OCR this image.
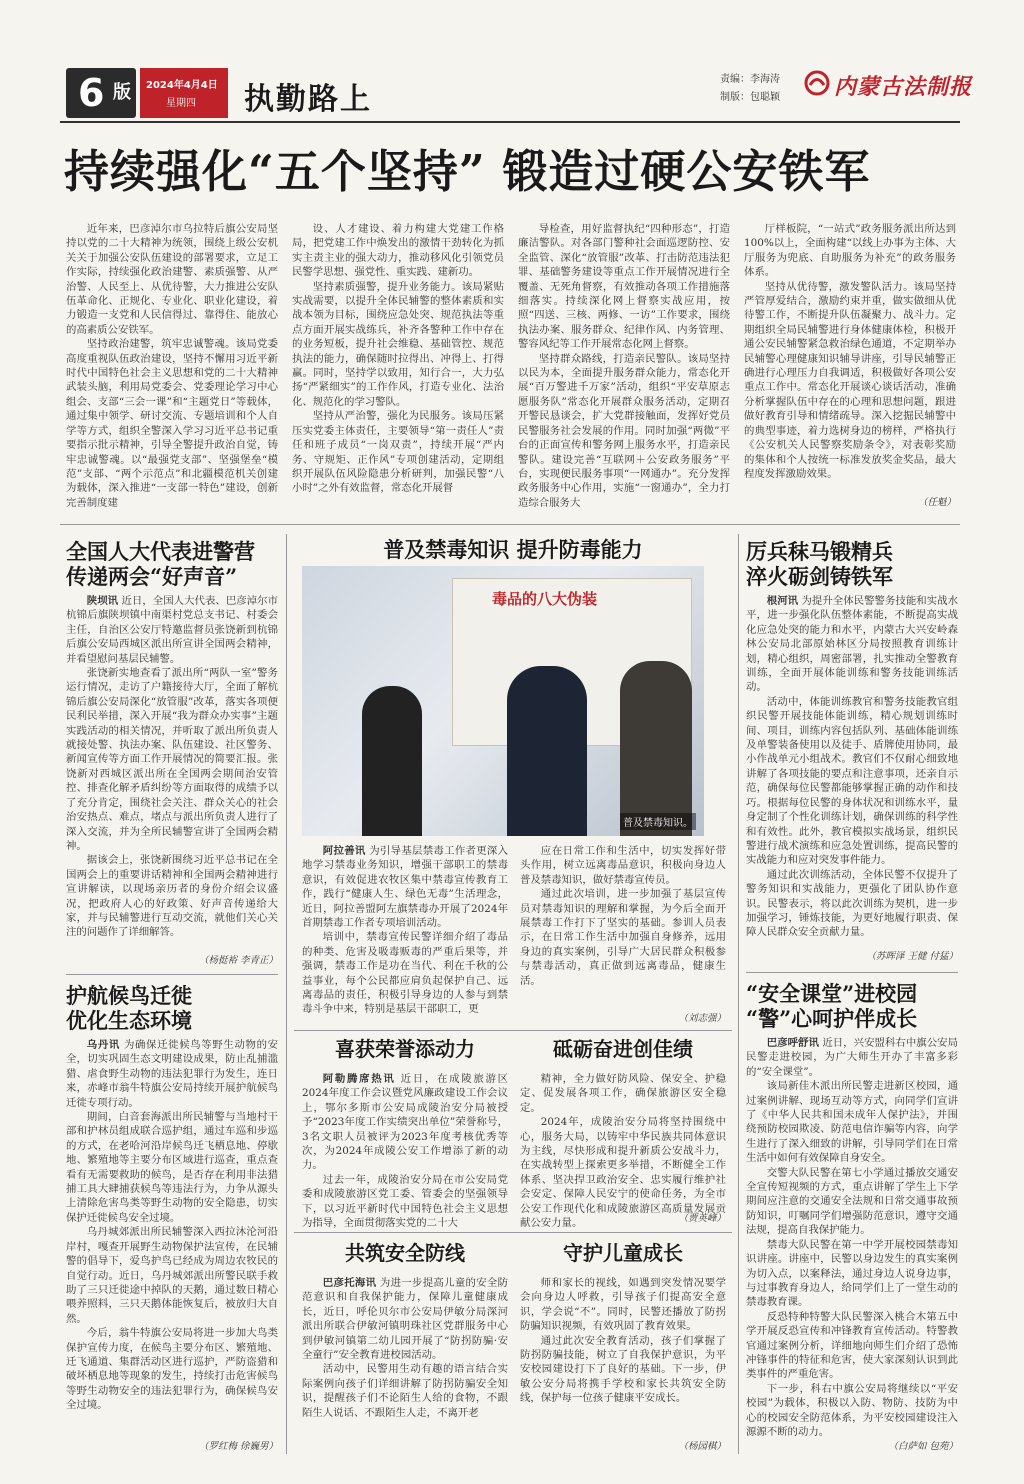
6 版 2024年4月4日
星期四 执勤路上
责编：李海涛
制版：包聪颖 内蒙古法制报
持续强化“五个坚持” 锻造过硬公安铁军

近年来，巴彦淖尔市乌拉特后旗公安局坚持以党的二十大精神为统领，围绕上级公安机关关于加强公安队伍建设的部署要求，立足工作实际，持续强化政治建警、素质强警、从严治警、人民至上、从优待警，大力推进公安队伍革命化、正规化、专业化、职业化建设，着力锻造一支党和人民信得过、靠得住、能放心的高素质公安铁军。

坚持政治建警，筑牢忠诚警魂。该局党委高度重视队伍政治建设，坚持不懈用习近平新时代中国特色社会主义思想和党的二十大精神武装头脑，利用局党委会、党委理论学习中心组会、支部“三会一课”和“主题党日”等载体，通过集中领学、研讨交流、专题培训和个人自学等方式，组织全警深入学习习近平总书记重要指示批示精神，引导全警提升政治自觉，铸牢忠诚警魂。以“最强党支部”、坚强堡垒“模范”支部、“两个示范点”和北疆模范机关创建为载体，深入推进“一支部一特色”建设，创新完善制度建

设、人才建设、着力构建大党建工作格局，把党建工作中焕发出的激情干劲转化为抓实主责主业的强大动力，推动移风化引领党员民警学思想、强党性、重实践、建新功。

坚持素质强警，提升业务能力。该局紧贴实战需要，以提升全体民辅警的整体素质和实战本领为目标，围绕应急处突、规范执法等重点方面开展实战练兵，补齐各警种工作中存在的业务短板，提升社会维稳、基础管控、规范执法的能力，确保随时拉得出、冲得上、打得赢。同时，坚持学以致用，知行合一，大力弘扬“严紧细实”的工作作风，打造专业化、法治化、规范化的学习警队。

坚持从严治警，强化为民服务。该局压紧压实党委主体责任，主要领导“第一责任人”责任和班子成员“一岗双责”，持续开展“严内务、守规矩、正作风”专项创建活动，定期组织开展队伍风险隐患分析研判，加强民警“八小时”之外有效监督，常态化开展督

导检查，用好监督执纪“四种形态”，打造廉洁警队。对各部门警种社会面巡逻防控、安全监管、深化“放管服”改革、打击防范违法犯罪、基础警务建设等重点工作开展情况进行全覆盖、无死角督察，有效推动各项工作措施落细落实。持续深化网上督察实战应用，按照“四送、三核、两修、一访”工作要求，围绕执法办案、服务群众、纪律作风、内务管理、警容风纪等工作开展常态化网上督察。

坚持群众路线，打造亲民警队。该局坚持以民为本，全面提升服务群众能力，常态化开展“百万警进千万家”活动，组织“平安草原志愿服务队”常态化开展群众服务活动，定期召开警民恳谈会，扩大党群接触面，发挥好党员民警服务社会发展的作用。同时加强“两微”平台的正面宣传和警务网上服务水平，打造亲民警队。建设完善“互联网＋公安政务服务”平台，实现便民服务事项“一网通办”。充分发挥政务服务中心作用，实施“一窗通办”，全力打造综合服务大

厅样板院，“一站式”政务服务派出所达到100%以上，全面构建“以线上办事为主体、大厅服务为兜底、自助服务为补充”的政务服务体系。

坚持从优待警，激发警队活力。该局坚持严管厚爱结合，激励约束并重，做实做细从优待警工作，不断提升队伍凝聚力、战斗力。定期组织全局民辅警进行身体健康体检，积极开通公安民辅警紧急救治绿色通道，不定期举办民辅警心理健康知识辅导讲座，引导民辅警正确进行心理压力自我调适，积极做好各项公安重点工作中。常态化开展谈心谈话活动，准确分析掌握队伍中存在的心理和思想问题，跟进做好教育引导和情绪疏导。深入挖掘民辅警中的典型事迹，着力选树身边的榜样，严格执行《公安机关人民警察奖励条令》，对表彰奖励的集体和个人按统一标准发放奖金奖品，最大程度发挥激励效果。

（任魁）
全国人大代表进警营
传递两会“好声音”

陕坝讯 近日，全国人大代表、巴彦淖尔市杭锦后旗陕坝镇中南渠村党总支书记、村委会主任，自治区公安厅特邀监督员张饶新到杭锦后旗公安局西城区派出所宣讲全国两会精神，并看望慰问基层民辅警。

张饶新实地查看了派出所“两队一室”警务运行情况，走访了户籍接待大厅，全面了解杭锦后旗公安局深化“放管服”改革，落实各项便民利民举措，深入开展“我为群众办实事”主题实践活动的相关情况，并听取了派出所负责人就接处警、执法办案、队伍建设、社区警务、新闻宣传等方面工作开展情况的简要汇报。张饶新对西城区派出所在全国两会期间治安管控、排查化解矛盾纠纷等方面取得的成绩予以了充分肯定，围绕社会关注、群众关心的社会治安热点、难点，堵点与派出所负责人进行了深入交流，并为全所民辅警宣讲了全国两会精神。

据该会上，张饶新围绕习近平总书记在全国两会上的重要讲话精神和全国两会精神进行宣讲解读，以现场亲历者的身份介绍会议盛况，把政府人心的好政策、好声音传递给大家，并与民辅警进行互动交流，就他们关心关注的问题作了详细解答。

（杨挺裕 李青正）
护航候鸟迁徙
优化生态环境

乌丹讯 为确保迁徙候鸟等野生动物的安全，切实巩固生态文明建设成果，防止乱捕滥猎、虐食野生动物的违法犯罪行为发生，连日来，赤峰市翁牛特旗公安局持续开展护航候鸟迁徙专项行动。

期间，白音套海派出所民辅警与当地村干部和护林员组成联合巡护组，通过车巡和步巡的方式，在老哈河沿岸候鸟迁飞栖息地、停歇地、繁殖地等主要分布区域进行巡查，重点查看有无需要救助的候鸟，是否存在利用非法猎捕工具大肆捕获候鸟等违法行为，力争从源头上清除危害鸟类等野生动物的安全隐患，切实保护迁徙候鸟安全过境。

乌丹城郊派出所民辅警深入西拉沐沦河沿岸村，嘎查开展野生动物保护法宣传，在民辅警的倡导下，爱鸟护鸟已经成为周边农牧民的自觉行动。近日，乌丹城郊派出所警民联手救助了三只迁徙途中掉队的天鹅，通过数日精心喂养照料，三只天鹅体能恢复后，被放归大自然。

今后，翁牛特旗公安局将进一步加大鸟类保护宣传力度，在候鸟主要分布区、繁殖地、迁飞通道、集群活动区进行巡护，严防盗猎和破坏栖息地等现象的发生，持续打击危害候鸟等野生动物安全的违法犯罪行为，确保候鸟安全过境。

（罗红梅 徐巍男）
普及禁毒知识 提升防毒能力
毒品的八大伪装
普及禁毒知识。

阿拉善讯 为引导基层禁毒工作者更深入地学习禁毒业务知识，增强干部职工的禁毒意识，有效促进农牧区集中禁毒宣传教育工作，践行“健康人生、绿色无毒”生活理念，近日，阿拉善盟阿左旗禁毒办开展了2024年首期禁毒工作者专项培训活动。

培训中，禁毒宣传民警详细介绍了毒品的种类、危害及吸毒贩毒的严重后果等，并强调，禁毒工作是功在当代、利在千秋的公益事业，每个公民都应肩负起保护自己、远离毒品的责任，积极引导身边的人参与到禁毒斗争中来，特别是基层干部职工，更

应在日常工作和生活中，切实发挥好带头作用，树立远离毒品意识，积极向身边人普及禁毒知识，做好禁毒宣传员。

通过此次培训，进一步加强了基层宣传员对禁毒知识的理解和掌握，为今后全面开展禁毒工作打下了坚实的基础。参训人员表示，在日常工作生活中加强自身修养，远用身边的真实案例，引导广大居民群众积极参与禁毒活动，真正做到远离毒品，健康生活。

（刘志强）
喜获荣誉添动力	砥砺奋进创佳绩

阿勒腾席热讯 近日，在成陵旅游区2024年度工作会议暨党风廉政建设工作会议上，鄂尔多斯市公安局成陵治安分局被授予“2023年度工作实绩突出单位”荣誉称号，3名文职人员被评为2023年度考核优秀等次，为2024年成陵公安工作增添了新的动力。

过去一年，成陵治安分局在市公安局党委和成陵旅游区党工委、管委会的坚强领导下，以习近平新时代中国特色社会主义思想为指导，全面贯彻落实党的二十大

精神，全力做好防风险、保安全、护稳定、促发展各项工作，确保旅游区安全稳定。

2024年，成陵治安分局将坚持围绕中心，服务大局，以铸牢中华民族共同体意识为主线，尽快形成和提升新质公安战斗力，在实战转型上探索更多举措，不断健全工作体系、坚决捍卫政治安全、忠实履行维护社会安定、保障人民安宁的使命任务，为全市公安工作现代化和成陵旅游区高质量发展贡献公安力量。	（贾英峰）
共筑安全防线	守护儿童成长

巴彦托海讯 为进一步提高儿童的安全防范意识和自我保护能力，保障儿童健康成长，近日，呼伦贝尔市公安局伊敏分局深河派出所联合伊敏河镇明珠社区党群服务中心到伊敏河镇第二幼儿园开展了“防拐防骗·安全童行”安全教育进校园活动。

活动中，民警用生动有趣的语言结合实际案例向孩子们详细讲解了防拐防骗安全知识，提醒孩子们不论陌生人给的食物，不跟陌生人说话、不跟陌生人走，不离开老

师和家长的视线，如遇到突发情况要学会向身边人呼救，引导孩子们提高安全意识，学会说“不”。同时，民警还播放了防拐防骗知识视频，有效巩固了教育效果。

通过此次安全教育活动，孩子们掌握了防拐防骗技能，树立了自我保护意识，为平安校园建设打下了良好的基础。下一步，伊敏公安分局将携手学校和家长共筑安全防线，保护每一位孩子健康平安成长。

（杨园棋）
厉兵秣马锻精兵
淬火砺剑铸铁军

根河讯 为提升全体民警警务技能和实战水平，进一步强化队伍整体素能，不断提高实战化应急处突的能力和水平，内蒙古大兴安岭森林公安局北部原始林区分局按照教育训练计划，精心组织，周密部署，扎实推动全警教育训练，全面开展体能训练和警务技能训练活动。

活动中，体能训练教官和警务技能教官组织民警开展技能体能训练，精心规划训练时间、项目，训练内容包括队列、基础体能训练及单警装备使用以及徒手、盾牌使用协同，最小作战单元小组战术。教官们不仅耐心细致地讲解了各项技能的要点和注意事项，还亲自示范，确保每位民警都能够掌握正确的动作和技巧。根据每位民警的身体状况和训练水平，量身定制了个性化训练计划，确保训练的科学性和有效性。此外，教官模拟实战场景，组织民警进行战术演练和应急处置训练，提高民警的实战能力和应对突发事件能力。

通过此次训练活动，全体民警不仅提升了警务知识和实战能力，更强化了团队协作意识。民警表示，将以此次训练为契机，进一步加强学习，锤炼技能，为更好地履行职责、保障人民群众安全贡献力量。

（苏晖泽 王健 付猛）
“安全课堂”进校园
“警”心呵护伴成长

巴彦呼舒讯 近日，兴安盟科右中旗公安局民警走进校园，为广大师生开办了丰富多彩的“安全课堂”。

该局新佳木派出所民警走进新区校园，通过案例讲解、现场互动等方式，向同学们宣讲了《中华人民共和国未成年人保护法》，并围绕预防校园欺凌、防范电信诈骗等内容，向学生进行了深入细致的讲解，引导同学们在日常生活中如何有效保障自身安全。

交警大队民警在第七小学通过播放交通安全宣传短视频的方式，重点讲解了学生上下学期间应注意的交通安全法规和日常交通事故预防知识，叮嘱同学们增强防范意识，遵守交通法规，提高自我保护能力。

禁毒大队民警在第一中学开展校园禁毒知识讲座。讲座中，民警以身边发生的真实案例为切入点，以案释法，通过身边人说身边事，与过事教育身边人，给同学们上了一堂生动的禁毒教育课。

反恐特种特警大队民警深入桃合木第五中学开展反恐宣传和冲锋教育宣传活动。特警教官通过案例分析，详细地向师生们介绍了恐怖冲锋事件的特征和危害，使大家深刻认识到此类事件的严重危害。

下一步，科右中旗公安局将继续以“平安校园”为载体，积极以入防、物防、技防为中心的校园安全防范体系，为平安校园建设注入源源不断的动力。

（白萨如 包苑）
